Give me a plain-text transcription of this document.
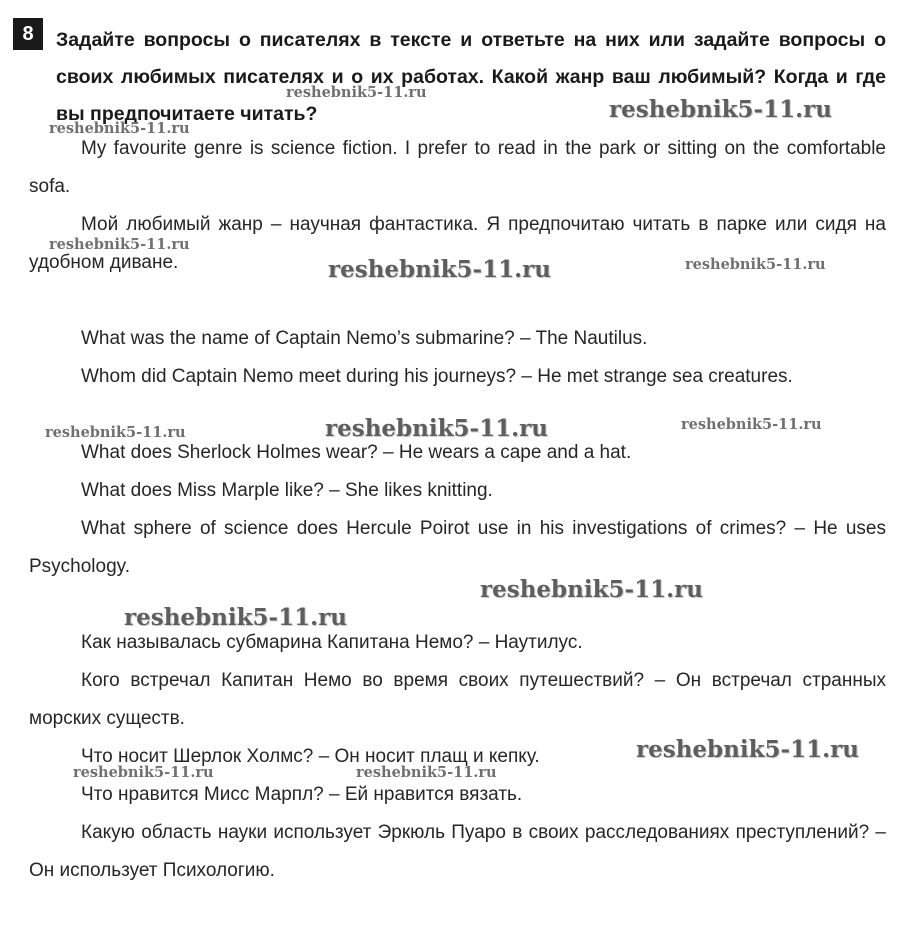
8	Задайте вопросы о писателях в тексте и ответьте на них или задайте вопросы о своих любимых писателях и о их работах. Какой жанр ваш любимый? Когда и где вы предпочитаете читать?

My favourite genre is science fiction. I prefer to read in the park or sitting on the comfortable sofa.

Мой любимый жанр – научная фантастика. Я предпочитаю читать в парке или сидя на удобном диване.

What was the name of Captain Nemo’s submarine? – The Nautilus.

Whom did Captain Nemo meet during his journeys? – He met strange sea creatures.

What does Sherlock Holmes wear? – He wears a cape and a hat.

What does Miss Marple like? – She likes knitting.

What sphere of science does Hercule Poirot use in his investigations of crimes? – He uses Psychology.

Как называлась субмарина Капитана Немо? – Наутилус.

Кого встречал Капитан Немо во время своих путешествий? – Он встречал странных морских существ.

Что носит Шерлок Холмс? – Он носит плащ и кепку.

Что нравится Мисс Марпл? – Ей нравится вязать.

Какую область науки использует Эркюль Пуаро в своих расследованиях преступлений? – Он использует Психологию.

reshebnik5-11.ru
reshebnik5-11.ru
reshebnik5-11.ru
reshebnik5-11.ru
reshebnik5-11.ru	reshebnik5-11.ru
reshebnik5-11.ru	reshebnik5-11.ru	reshebnik5-11.ru
reshebnik5-11.ru
reshebnik5-11.ru
reshebnik5-11.ru
reshebnik5-11.ru	reshebnik5-11.ru
